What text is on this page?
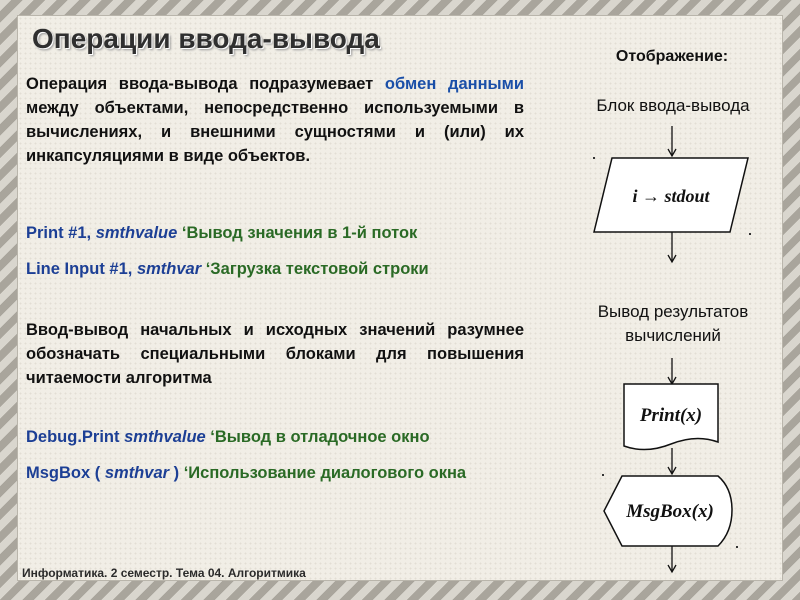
Операции ввода-вывода
Операция ввода-вывода подразумевает обмен данными между объектами, непосредственно используемыми в вычислениях, и внешними сущностями и (или) их инкапсуляциями в виде объектов.
Print #1, smthvalue ‘Вывод значения в 1-й поток
Line Input #1, smthvar ‘Загрузка текстовой строки
Ввод-вывод начальных и исходных значений разумнее обозначать специальными блоками для повышения читаемости алгоритма
Debug.Print smthvalue ‘Вывод в отладочное окно
MsgBox ( smthvar ) ‘Использование диалогового окна
Информатика. 2 семестр. Тема 04. Алгоритмика
Отображение:
Блок ввода-вывода
Вывод результатов
вычислений
i → stdout
Print(x)
MsgBox(x)
